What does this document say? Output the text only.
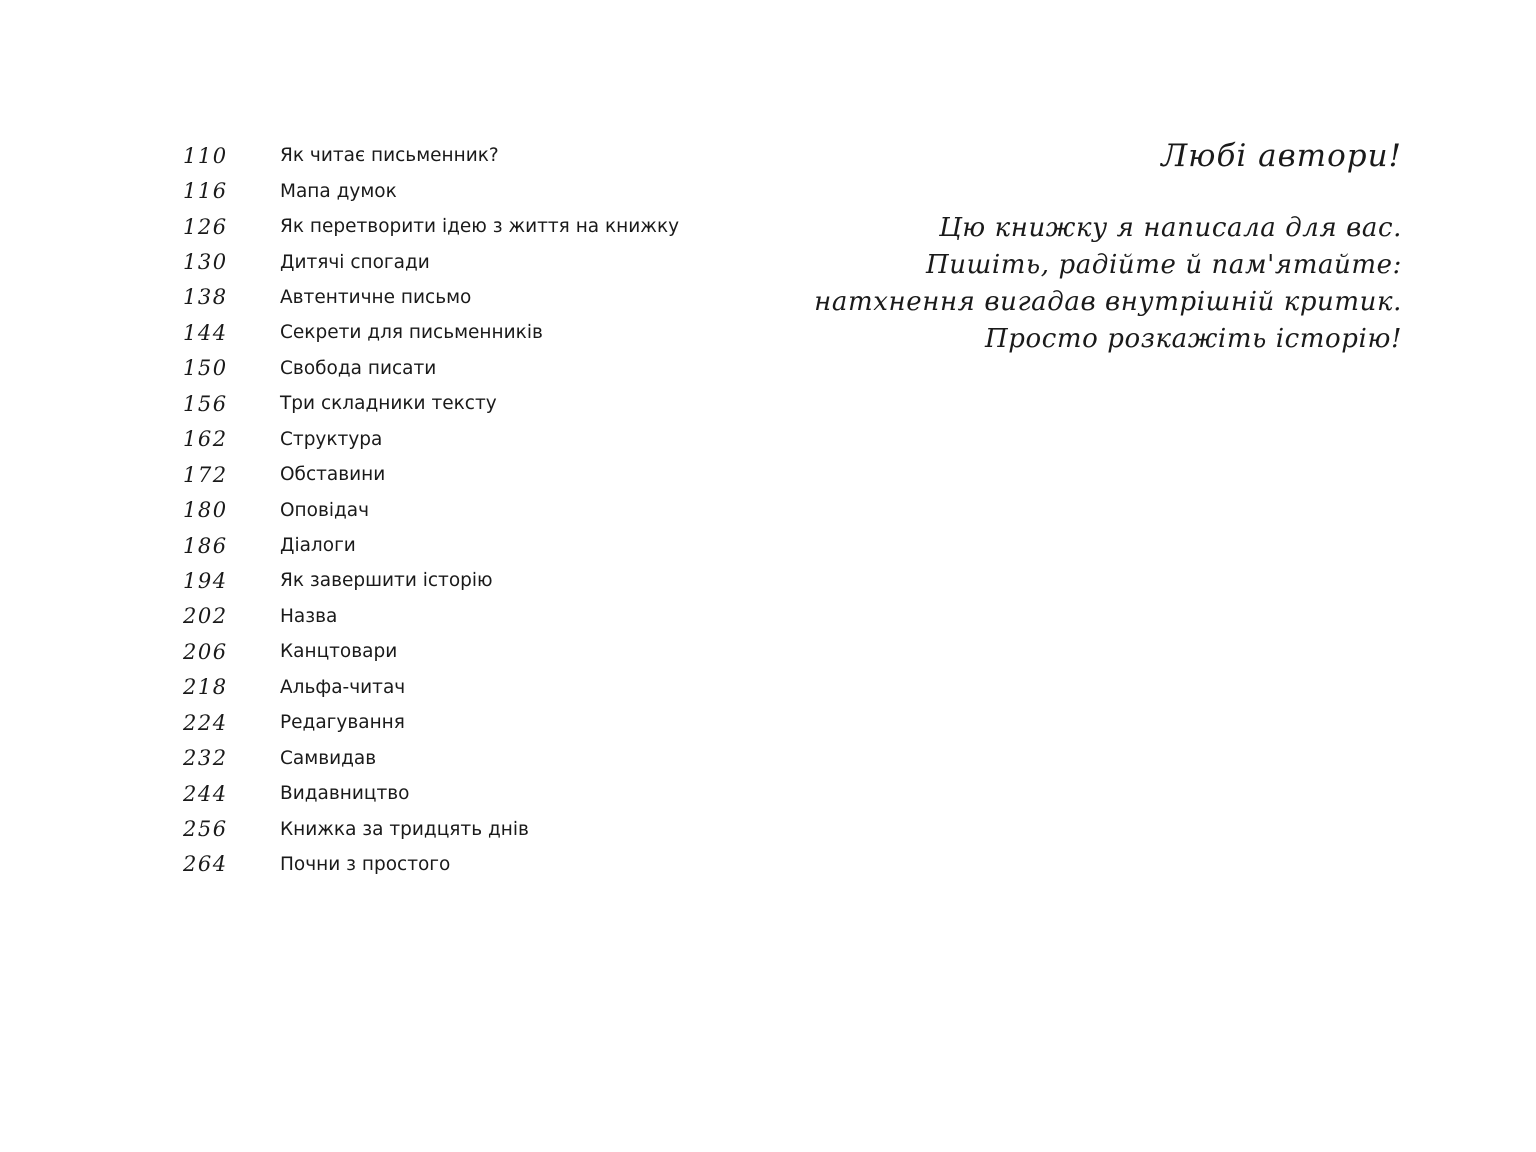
110	Як читає письменник?
116	Мапа думок
126	Як перетворити ідею з життя на книжку
130	Дитячі спогади
138	Автентичне письмо
144	Секрети для письменників
150	Свобода писати
156	Три складники тексту
162	Структура
172	Обставини
180	Оповідач
186	Діалоги
194	Як завершити історію
202	Назва
206	Канцтовари
218	Альфа-читач
224	Редагування
232	Самвидав
244	Видавництво
256	Книжка за тридцять днів
264	Почни з простого
Любі автори!
Цю книжку я написала для вас.
Пишіть, радійте й пам'ятайте:
натхнення вигадав внутрішній критик.
Просто розкажіть історію!
